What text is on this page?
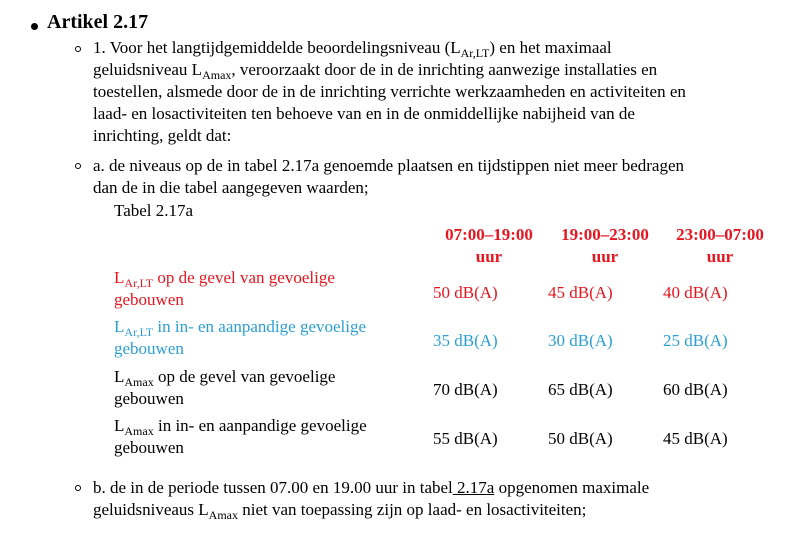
Artikel 2.17
1. Voor het langtijdgemiddelde beoordelingsniveau $(L_{Ar,LT})$ en het maximaal
geluidsniveau $L_{Amax}$, veroorzaakt door de in de inrichting aanwezige installaties en
toestellen, alsmede door de in de inrichting verrichte werkzaamheden en activiteiten en
laad- en losactiviteiten ten behoeve van en in de onmiddellijke nabijheid van de
inrichting, geldt dat:
a. de niveaus op de in tabel 2.17a genoemde plaatsen en tijdstippen niet meer bedragen
dan de in die tabel aangegeven waarden;
Tabel 2.17a
07:00–19:00
uur
19:00–23:00
uur
23:00–07:00
uur
$L_{Ar,LT}$ op de gevel van gevoelige
gebouwen	50 dB(A)	45 dB(A)	40 dB(A)
$L_{Ar,LT}$ in in- en aanpandige gevoelige
gebouwen	35 dB(A)	30 dB(A)	25 dB(A)
$L_{Amax}$ op de gevel van gevoelige
gebouwen	70 dB(A)	65 dB(A)	60 dB(A)
$L_{Amax}$ in in- en aanpandige gevoelige
gebouwen	55 dB(A)	50 dB(A)	45 dB(A)
b. de in de periode tussen 07.00 en 19.00 uur in tabel 2.17a opgenomen maximale
geluidsniveaus $L_{Amax}$ niet van toepassing zijn op laad- en losactiviteiten;
